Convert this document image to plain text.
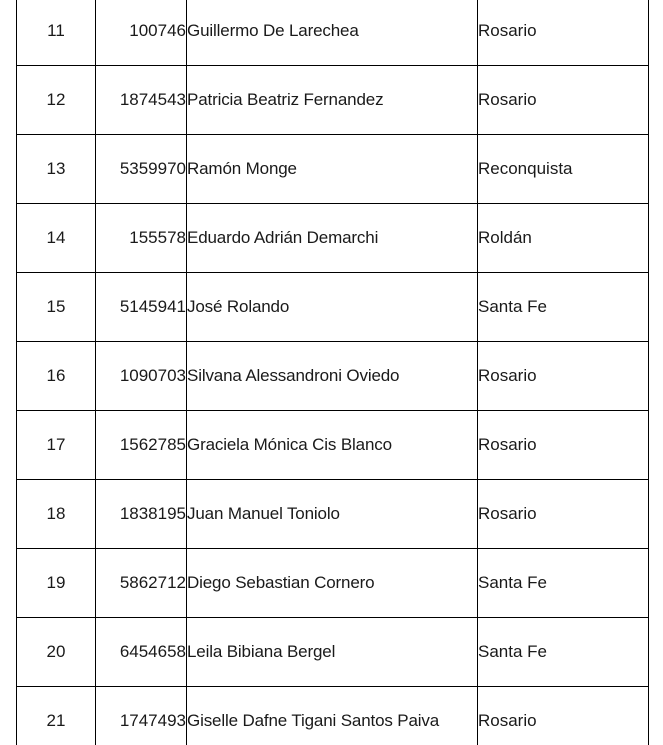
11	100746	Guillermo De Larechea	Rosario
12	1874543	Patricia Beatriz Fernandez	Rosario
13	5359970	Ramón Monge	Reconquista
14	155578	Eduardo Adrián Demarchi	Roldán
15	5145941	José Rolando	Santa Fe
16	1090703	Silvana Alessandroni Oviedo	Rosario
17	1562785	Graciela Mónica Cis Blanco	Rosario
18	1838195	Juan Manuel Toniolo	Rosario
19	5862712	Diego Sebastian Cornero	Santa Fe
20	6454658	Leila Bibiana Bergel	Santa Fe
21	1747493	Giselle Dafne Tigani Santos Paiva	Rosario
